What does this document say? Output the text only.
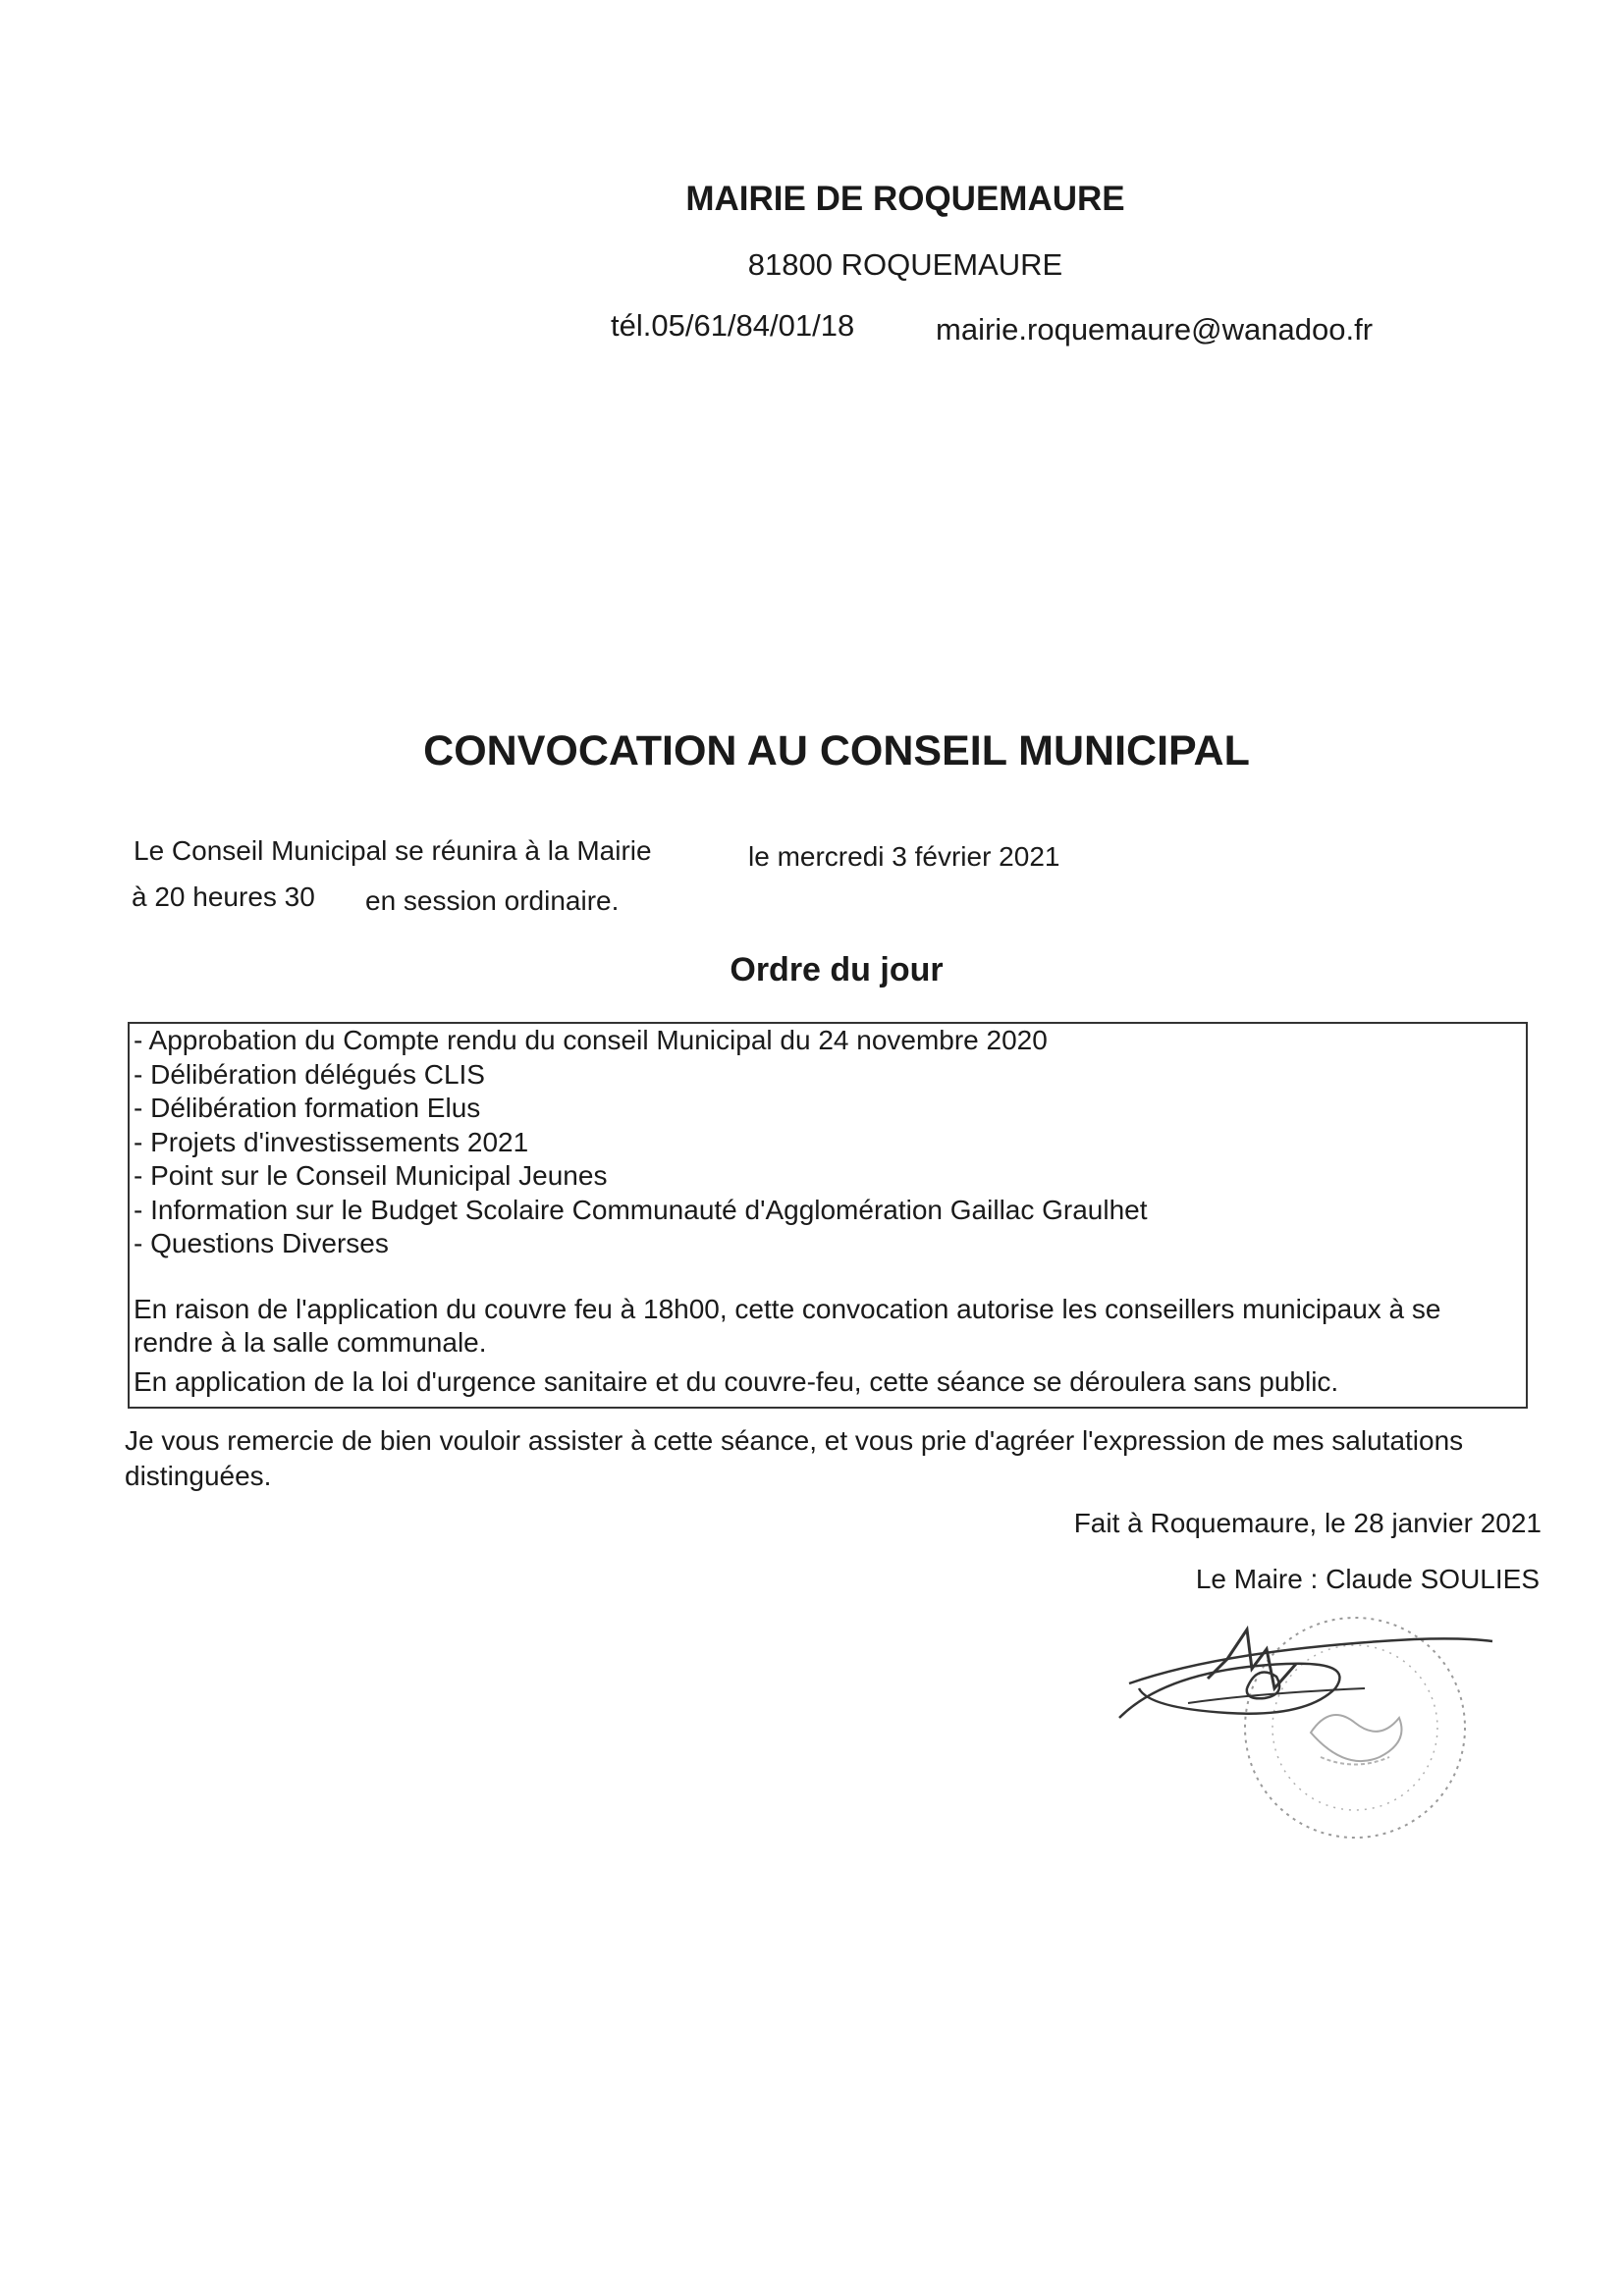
MAIRIE DE ROQUEMAURE
81800 ROQUEMAURE
tél.05/61/84/01/18	mairie.roquemaure@wanadoo.fr
CONVOCATION AU CONSEIL MUNICIPAL
Le Conseil Municipal se réunira à la Mairie	le mercredi 3 février 2021
à 20 heures 30 en session ordinaire.
Ordre du jour
- Approbation du Compte rendu du conseil Municipal du 24 novembre 2020
- Délibération délégués CLIS
- Délibération formation Elus
- Projets d'investissements 2021
- Point sur le Conseil Municipal Jeunes
- Information sur le Budget Scolaire Communauté d'Agglomération Gaillac Graulhet
- Questions Diverses
En raison de l'application du couvre feu à 18h00, cette convocation autorise les conseillers municipaux à se
rendre à la salle communale.
En application de la loi d'urgence sanitaire et du couvre-feu, cette séance se déroulera sans public.
Je vous remercie de bien vouloir assister à cette séance, et vous prie d'agréer l'expression de mes salutations distinguées.
Fait à Roquemaure, le 28 janvier 2021
Le Maire : Claude SOULIES
